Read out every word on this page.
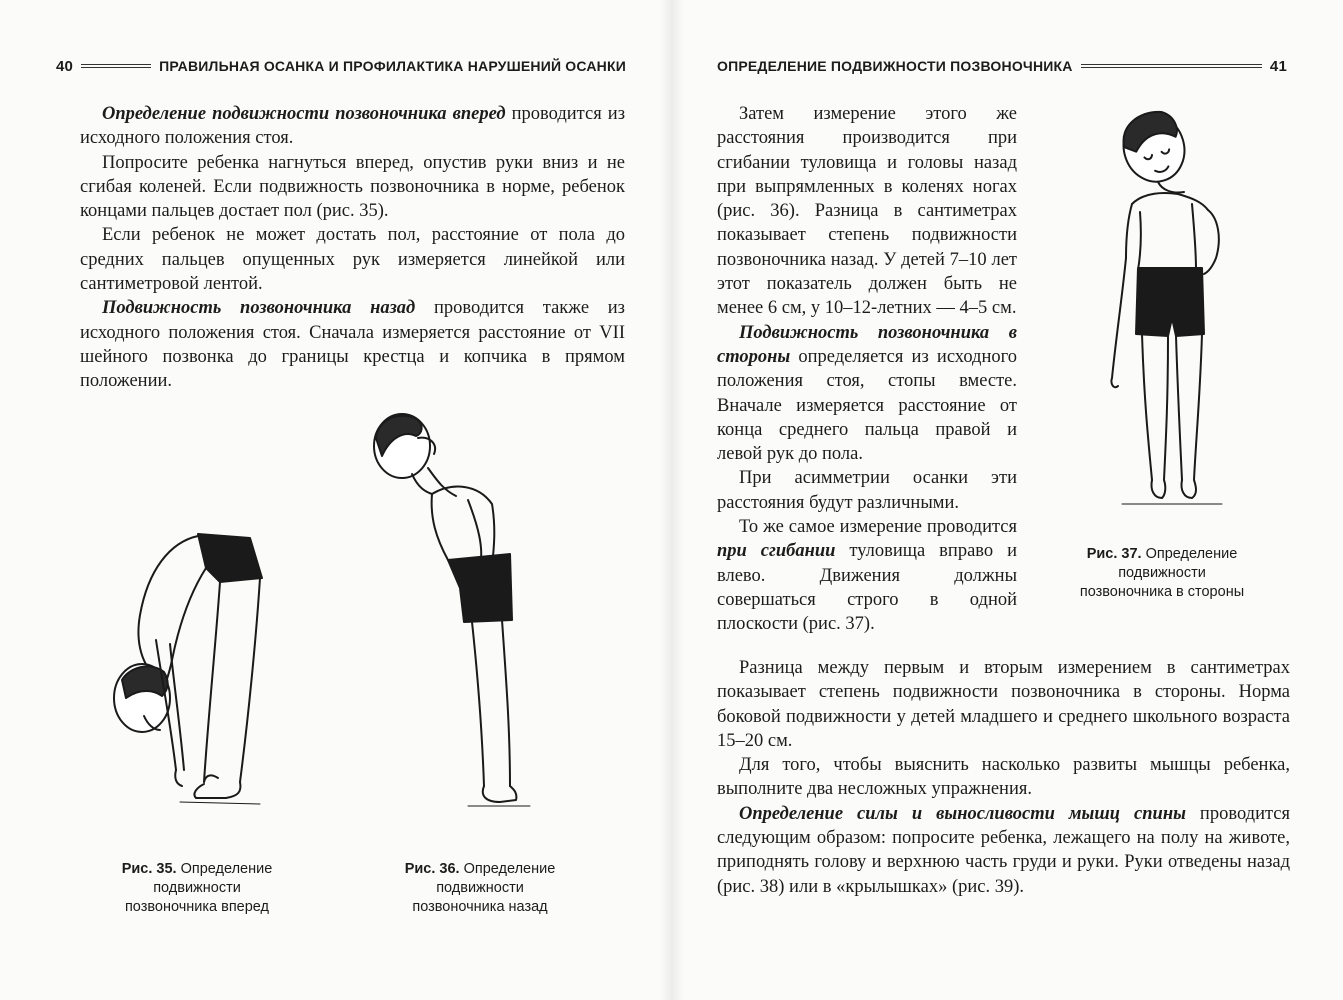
40	ПРАВИЛЬНАЯ ОСАНКА И ПРОФИЛАКТИКА НАРУШЕНИЙ ОСАНКИ

Определение подвижности позвоночника вперед проводится из исходного положения стоя.

Попросите ребенка нагнуться вперед, опустив руки вниз и не сгибая коленей. Если подвижность позвоночника в норме, ребенок концами пальцев достает пол (рис. 35).

Если ребенок не может достать пол, расстояние от пола до средних пальцев опущенных рук измеряется линейкой или сантиметровой лентой.

Подвижность позвоночника назад проводится также из исходного положения стоя. Сначала измеряется расстояние от VII шейного позвонка до границы крестца и копчика в прямом положении.

Рис. 35. Определение
подвижности
позвоночника вперед
Рис. 36. Определение
подвижности
позвоночника назад
ОПРЕДЕЛЕНИЕ ПОДВИЖНОСТИ ПОЗВОНОЧНИКА	41

Затем измерение этого же расстояния производится при сгибании туловища и головы назад при выпрямленных в коленях ногах (рис. 36). Разница в сантиметрах показывает степень подвижности позвоночника назад. У детей 7–10 лет этот показатель должен быть не менее 6 см, у 10–12-летних — 4–5 см.

Подвижность позвоночника в стороны определяется из исходного положения стоя, стопы вместе. Вначале измеряется расстояние от конца среднего пальца правой и левой рук до пола.

При асимметрии осанки эти расстояния будут различными.

То же самое измерение проводится при сгибании туловища вправо и влево. Движения должны совершаться строго в одной плоскости (рис. 37).

Рис. 37. Определение
подвижности
позвоночника в стороны

Разница между первым и вторым измерением в сантиметрах показывает степень подвижности позвоночника в стороны. Норма боковой подвижности у детей младшего и среднего школьного возраста 15–20 см.

Для того, чтобы выяснить насколько развиты мышцы ребенка, выполните два несложных упражнения.

Определение силы и выносливости мышц спины проводится следующим образом: попросите ребенка, лежащего на полу на животе, приподнять голову и верхнюю часть груди и руки. Руки отведены назад (рис. 38) или в «крылышках» (рис. 39).
